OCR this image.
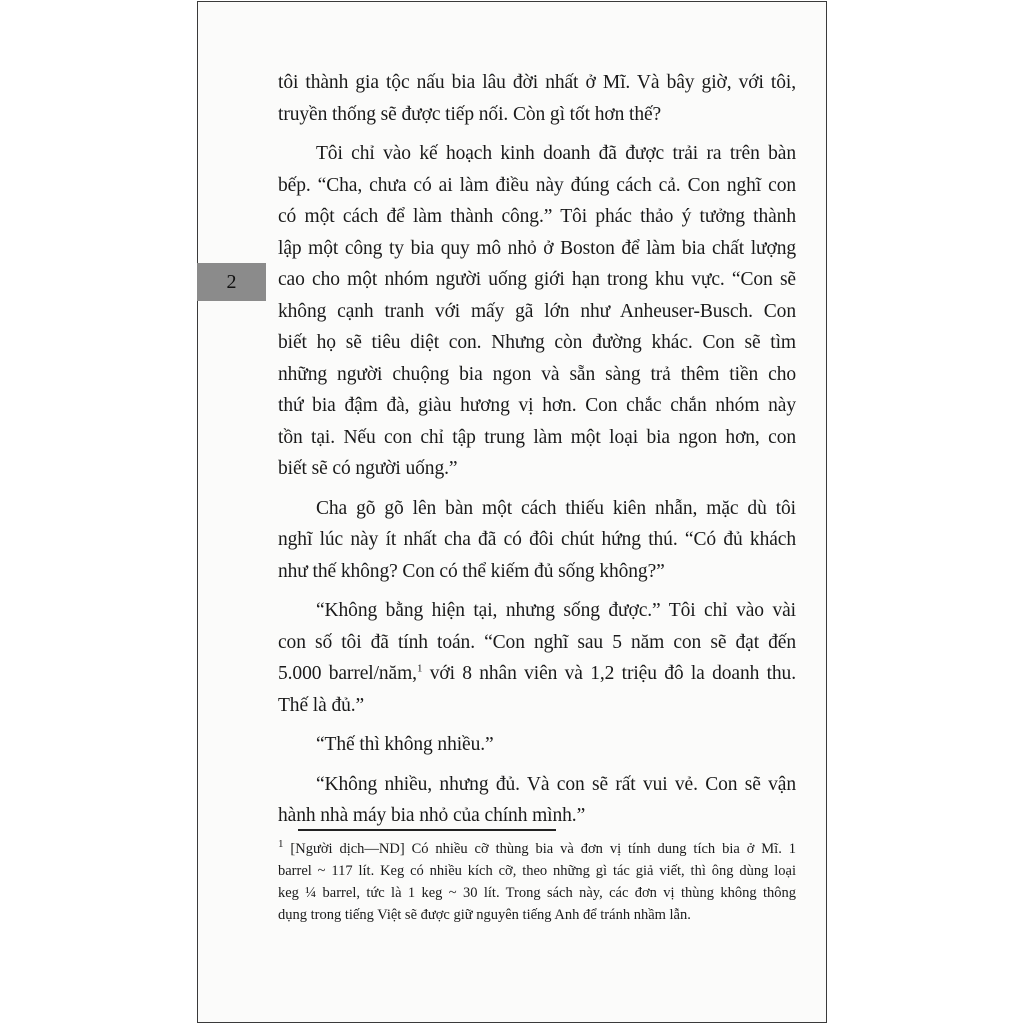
2
tôi thành gia tộc nấu bia lâu đời nhất ở Mĩ. Và bây giờ, với tôi,
truyền thống sẽ được tiếp nối. Còn gì tốt hơn thế?
Tôi chỉ vào kế hoạch kinh doanh đã được trải ra trên bàn
bếp. “Cha, chưa có ai làm điều này đúng cách cả. Con nghĩ con
có một cách để làm thành công.” Tôi phác thảo ý tưởng thành
lập một công ty bia quy mô nhỏ ở Boston để làm bia chất lượng
cao cho một nhóm người uống giới hạn trong khu vực. “Con sẽ
không cạnh tranh với mấy gã lớn như Anheuser-Busch. Con
biết họ sẽ tiêu diệt con. Nhưng còn đường khác. Con sẽ tìm
những người chuộng bia ngon và sẵn sàng trả thêm tiền cho
thứ bia đậm đà, giàu hương vị hơn. Con chắc chắn nhóm này
tồn tại. Nếu con chỉ tập trung làm một loại bia ngon hơn, con
biết sẽ có người uống.”
Cha gõ gõ lên bàn một cách thiếu kiên nhẫn, mặc dù tôi
nghĩ lúc này ít nhất cha đã có đôi chút hứng thú. “Có đủ khách
như thế không? Con có thể kiếm đủ sống không?”
“Không bằng hiện tại, nhưng sống được.” Tôi chỉ vào vài
con số tôi đã tính toán. “Con nghĩ sau 5 năm con sẽ đạt đến
5.000 barrel/năm,$^1$ với 8 nhân viên và 1,2 triệu đô la doanh thu.
Thế là đủ.”
“Thế thì không nhiều.”
“Không nhiều, nhưng đủ. Và con sẽ rất vui vẻ. Con sẽ vận
hành nhà máy bia nhỏ của chính mình.”
$^1$ [Người dịch—ND] Có nhiều cỡ thùng bia và đơn vị tính dung tích bia ở Mĩ. 1
barrel ~ 117 lít. Keg có nhiều kích cỡ, theo những gì tác giả viết, thì ông dùng loại
keg ¼ barrel, tức là 1 keg ~ 30 lít. Trong sách này, các đơn vị thùng không thông
dụng trong tiếng Việt sẽ được giữ nguyên tiếng Anh để tránh nhầm lẫn.
